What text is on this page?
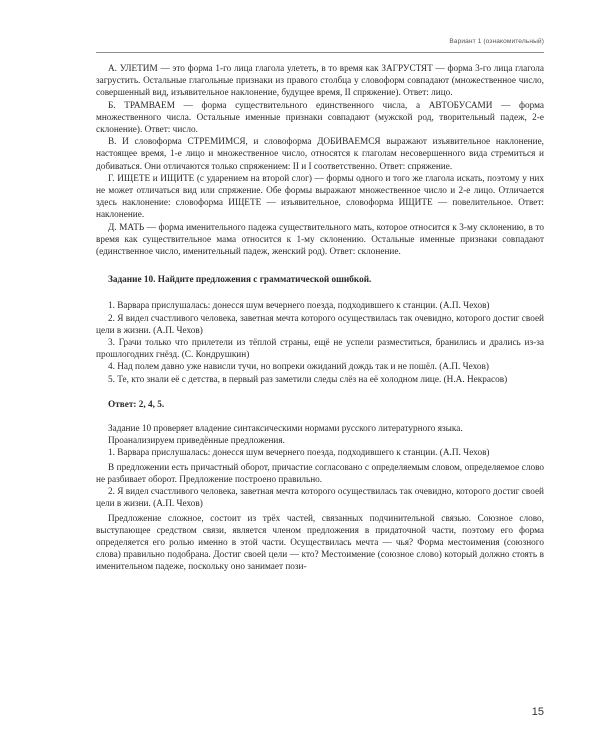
Вариант 1 (ознакомительный)

А. УЛЕТИМ — это форма 1-го лица глагола улететь, в то время как ЗАГРУСТЯТ — форма 3-го лица глагола загрустить. Остальные глагольные признаки из правого столбца у словоформ совпадают (множественное число, совершенный вид, изъявительное наклонение, будущее время, II спряжение). Ответ: лицо.

Б. ТРАМВАЕМ — форма существительного единственного числа, а АВТОБУСАМИ — форма множественного числа. Остальные именные признаки совпадают (мужской род, творительный падеж, 2-е склонение). Ответ: число.

В. И словоформа СТРЕМИМСЯ, и словоформа ДОБИВАЕМСЯ выражают изъявительное наклонение, настоящее время, 1-е лицо и множественное число, относятся к глаголам несовершенного вида стремиться и добиваться. Они отличаются только спряжением: II и I соответственно. Ответ: спряжение.

Г. ИЩЕТЕ и ИЩИТЕ (с ударением на второй слог) — формы одного и того же глагола искать, поэтому у них не может отличаться вид или спряжение. Обе формы выражают множественное число и 2-е лицо. Отличается здесь наклонение: словоформа ИЩЕТЕ — изъявительное, словоформа ИЩИТЕ — повелительное. Ответ: наклонение.

Д. МАТЬ — форма именительного падежа существительного мать, которое относится к 3-му склонению, в то время как существительное мама относится к 1-му склонению. Остальные именные признаки совпадают (единственное число, именительный падеж, женский род). Ответ: склонение.

Задание 10. Найдите предложения с грамматической ошибкой.

1. Варвара прислушалась: донесся шум вечернего поезда, подходившего к станции. (А.П. Чехов)

2. Я видел счастливого человека, заветная мечта которого осуществилась так очевидно, которого достиг своей цели в жизни. (А.П. Чехов)

3. Грачи только что прилетели из тёплой страны, ещё не успели разместиться, бранились и дрались из-за прошлогодних гнёзд. (С. Кондрушкин)

4. Над полем давно уже нависли тучи, но вопреки ожиданий дождь так и не пошёл. (А.П. Чехов)

5. Те, кто знали её с детства, в первый раз заметили следы слёз на её холодном лице. (Н.А. Некрасов)

Ответ: 2, 4, 5.

Задание 10 проверяет владение синтаксическими нормами русского литературного языка.

Проанализируем приведённые предложения.

1. Варвара прислушалась: донесся шум вечернего поезда, подходившего к станции. (А.П. Чехов)

В предложении есть причастный оборот, причастие согласовано с определяемым словом, определяемое слово не разбивает оборот. Предложение построено правильно.

2. Я видел счастливого человека, заветная мечта которого осуществилась так очевидно, которого достиг своей цели в жизни. (А.П. Чехов)

Предложение сложное, состоит из трёх частей, связанных подчинительной связью. Союзное слово, выступающее средством связи, является членом предложения в придаточной части, поэтому его форма определяется его ролью именно в этой части. Осуществилась мечта — чья? Форма местоимения (союзного слова) правильно подобрана. Достиг своей цели — кто? Местоимение (союзное слово) который должно стоять в именительном падеже, поскольку оно занимает пози-

15
